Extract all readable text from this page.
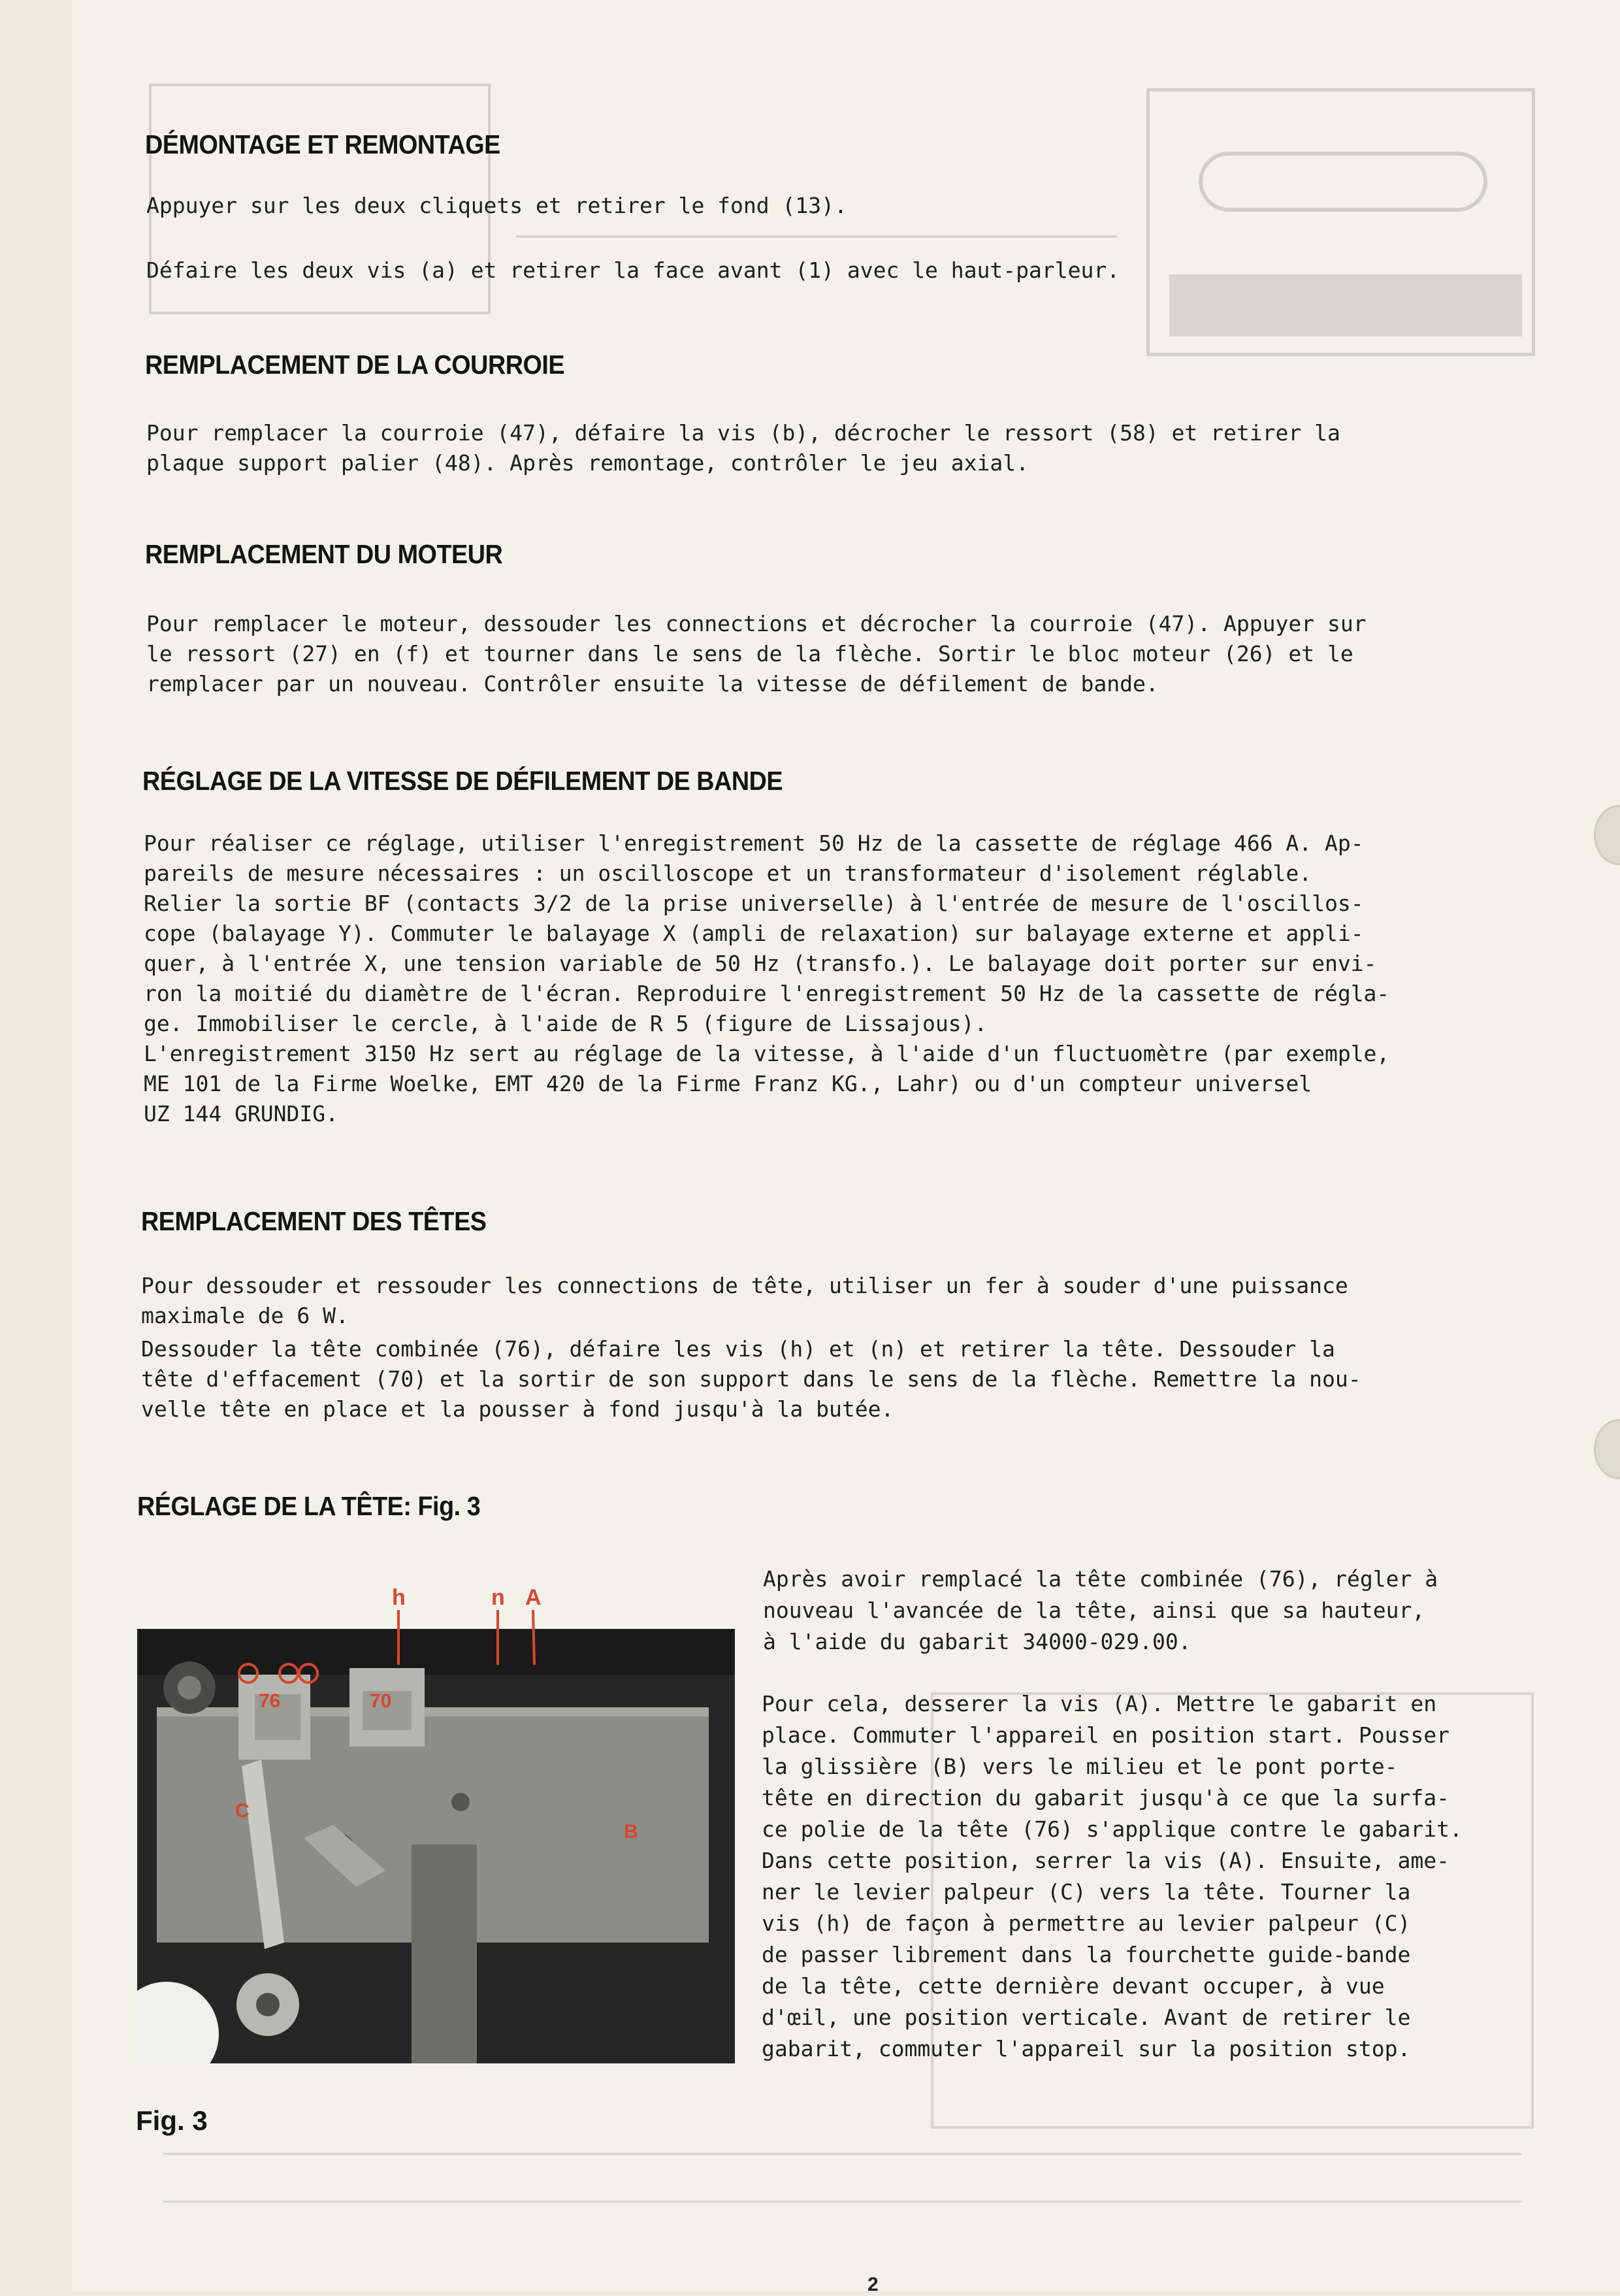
DÉMONTAGE ET REMONTAGE

Appuyer sur les deux cliquets et retirer le fond (13).

Défaire les deux vis (a) et retirer la face avant (1) avec le haut-parleur.

REMPLACEMENT DE LA COURROIE

Pour remplacer la courroie (47), défaire la vis (b), décrocher le ressort (58) et retirer la

plaque support palier (48). Après remontage, contrôler le jeu axial.

REMPLACEMENT DU MOTEUR

Pour remplacer le moteur, dessouder les connections et décrocher la courroie (47). Appuyer sur

le ressort (27) en (f) et tourner dans le sens de la flèche. Sortir le bloc moteur (26) et le

remplacer par un nouveau. Contrôler ensuite la vitesse de défilement de bande.

RÉGLAGE DE LA VITESSE DE DÉFILEMENT DE BANDE

Pour réaliser ce réglage, utiliser l'enregistrement 50 Hz de la cassette de réglage 466 A. Ap-

pareils de mesure nécessaires : un oscilloscope et un transformateur d'isolement réglable.

Relier la sortie BF (contacts 3/2 de la prise universelle) à l'entrée de mesure de l'oscillos-

cope (balayage Y). Commuter le balayage X (ampli de relaxation) sur balayage externe et appli-

quer, à l'entrée X, une tension variable de 50 Hz (transfo.). Le balayage doit porter sur envi-

ron la moitié du diamètre de l'écran. Reproduire l'enregistrement 50 Hz de la cassette de régla-

ge. Immobiliser le cercle, à l'aide de R 5 (figure de Lissajous).

L'enregistrement 3150 Hz sert au réglage de la vitesse, à l'aide d'un fluctuomètre (par exemple,

ME 101 de la Firme Woelke, EMT 420 de la Firme Franz KG., Lahr) ou d'un compteur universel

UZ 144 GRUNDIG.

REMPLACEMENT DES TÊTES

Pour dessouder et ressouder les connections de tête, utiliser un fer à souder d'une puissance

maximale de 6 W.

Dessouder la tête combinée (76), défaire les vis (h) et (n) et retirer la tête. Dessouder la

tête d'effacement (70) et la sortir de son support dans le sens de la flèche. Remettre la nou-

velle tête en place et la pousser à fond jusqu'à la butée.

RÉGLAGE DE LA TÊTE: Fig. 3

Après avoir remplacé la tête combinée (76), régler à

nouveau l'avancée de la tête, ainsi que sa hauteur,

à l'aide du gabarit 34000-029.00.

Pour cela, desserer la vis (A). Mettre le gabarit en

place. Commuter l'appareil en position start. Pousser

la glissière (B) vers le milieu et le pont porte-

tête en direction du gabarit jusqu'à ce que la surfa-

ce polie de la tête (76) s'applique contre le gabarit.

Dans cette position, serrer la vis (A). Ensuite, ame-

ner le levier palpeur (C) vers la tête. Tourner la

vis (h) de façon à permettre au levier palpeur (C)

de passer librement dans la fourchette guide-bande

de la tête, cette dernière devant occuper, à vue

d'œil, une position verticale. Avant de retirer le

gabarit, commuter l'appareil sur la position stop.

76	70
C
B
h	n A
Fig. 3
2
